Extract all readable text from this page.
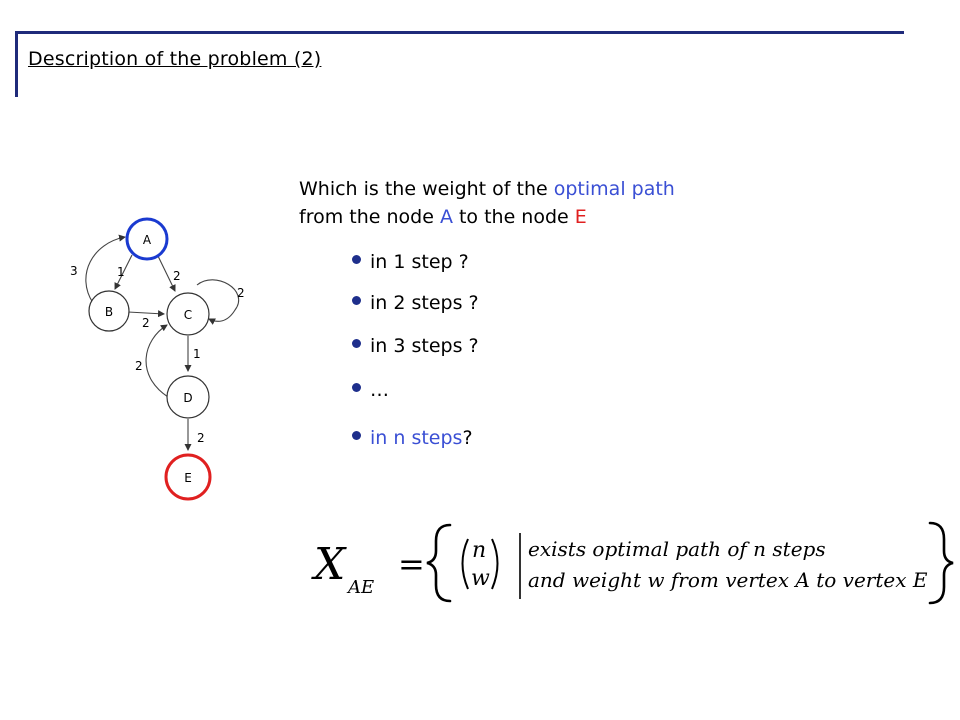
Description of the problem (2)
1	2
3
2
2
1
2
2
A
B	C
D
E
Which is the weight of the optimal path
from the node A to the node E
in 1 step ?
in 2 steps ?
in 3 steps ?
…
in n steps ?
X AE
= n
w
exists optimal path of n steps
and weight w from vertex A to vertex E
